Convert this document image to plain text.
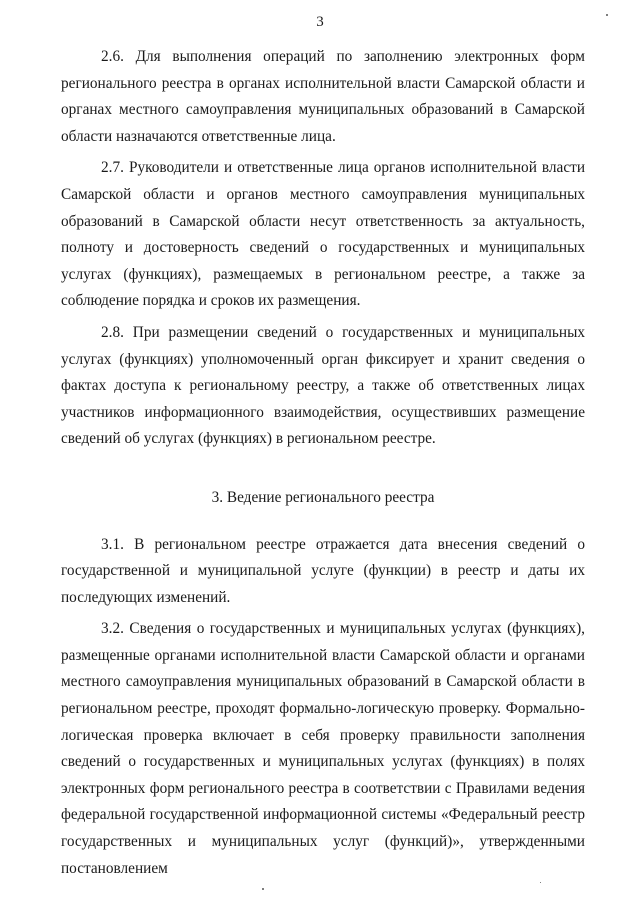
3

2.6. Для выполнения операций по заполнению электронных форм регионального реестра в органах исполнительной власти Самарской области и органах местного самоуправления муниципальных образований в Самарской области назначаются ответственные лица.

2.7. Руководители и ответственные лица органов исполнительной власти Самарской области и органов местного самоуправления муниципальных образований в Самарской области несут ответственность за актуальность, полноту и достоверность сведений о государственных и муниципальных услугах (функциях), размещаемых в региональном реестре, а также за соблюдение порядка и сроков их размещения.

2.8. При размещении сведений о государственных и муниципальных услугах (функциях) уполномоченный орган фиксирует и хранит сведения о фактах доступа к региональному реестру, а также об ответственных лицах участников информационного взаимодействия, осуществивших размещение сведений об услугах (функциях) в региональном реестре.

3. Ведение регионального реестра

3.1. В региональном реестре отражается дата внесения сведений о государственной и муниципальной услуге (функции) в реестр и даты их последующих изменений.

3.2. Сведения о государственных и муниципальных услугах (функциях), размещенные органами исполнительной власти Самарской области и органами местного самоуправления муниципальных образований в Самарской области в региональном реестре, проходят формально-логическую проверку. Формально-логическая проверка включает в себя проверку правильности заполнения сведений о государственных и муниципальных услугах (функциях) в полях электронных форм регионального реестра в соответствии с Правилами ведения федеральной государственной информационной системы «Федеральный реестр государственных и муниципальных услуг (функций)», утвержденными постановлением
